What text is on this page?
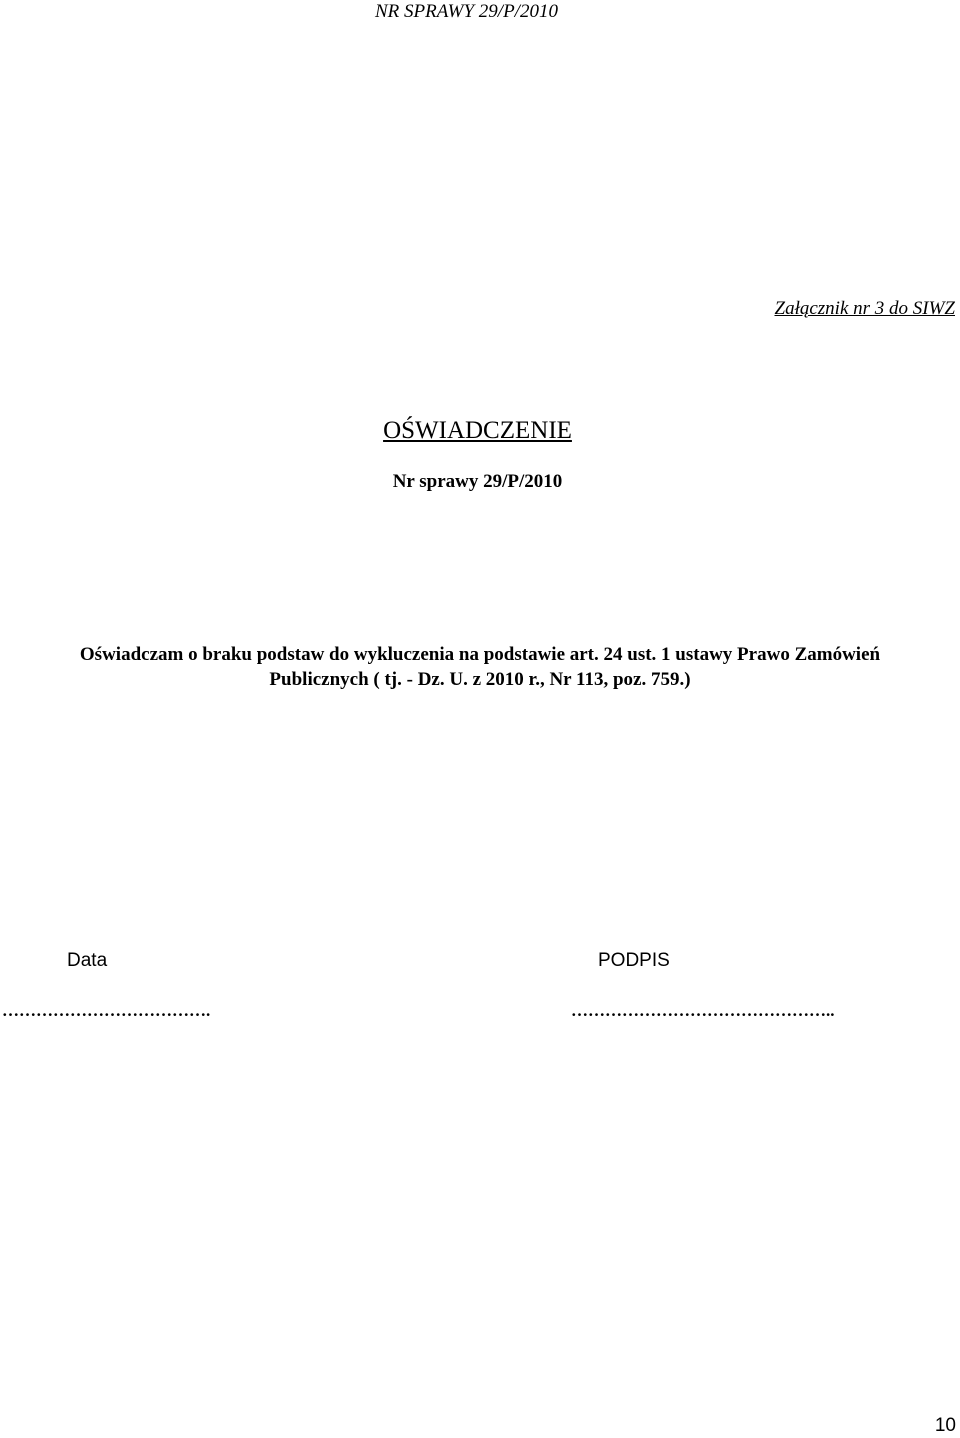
NR SPRAWY 29/P/2010
Załącznik nr 3 do SIWZ
OŚWIADCZENIE
Nr sprawy 29/P/2010
Oświadczam o braku podstaw do wykluczenia na podstawie art. 24 ust. 1 ustawy Prawo Zamówień
Publicznych ( tj. - Dz. U. z 2010 r., Nr 113, poz. 759.)
Data	PODPIS
……………………………….	………………………………………..
10
